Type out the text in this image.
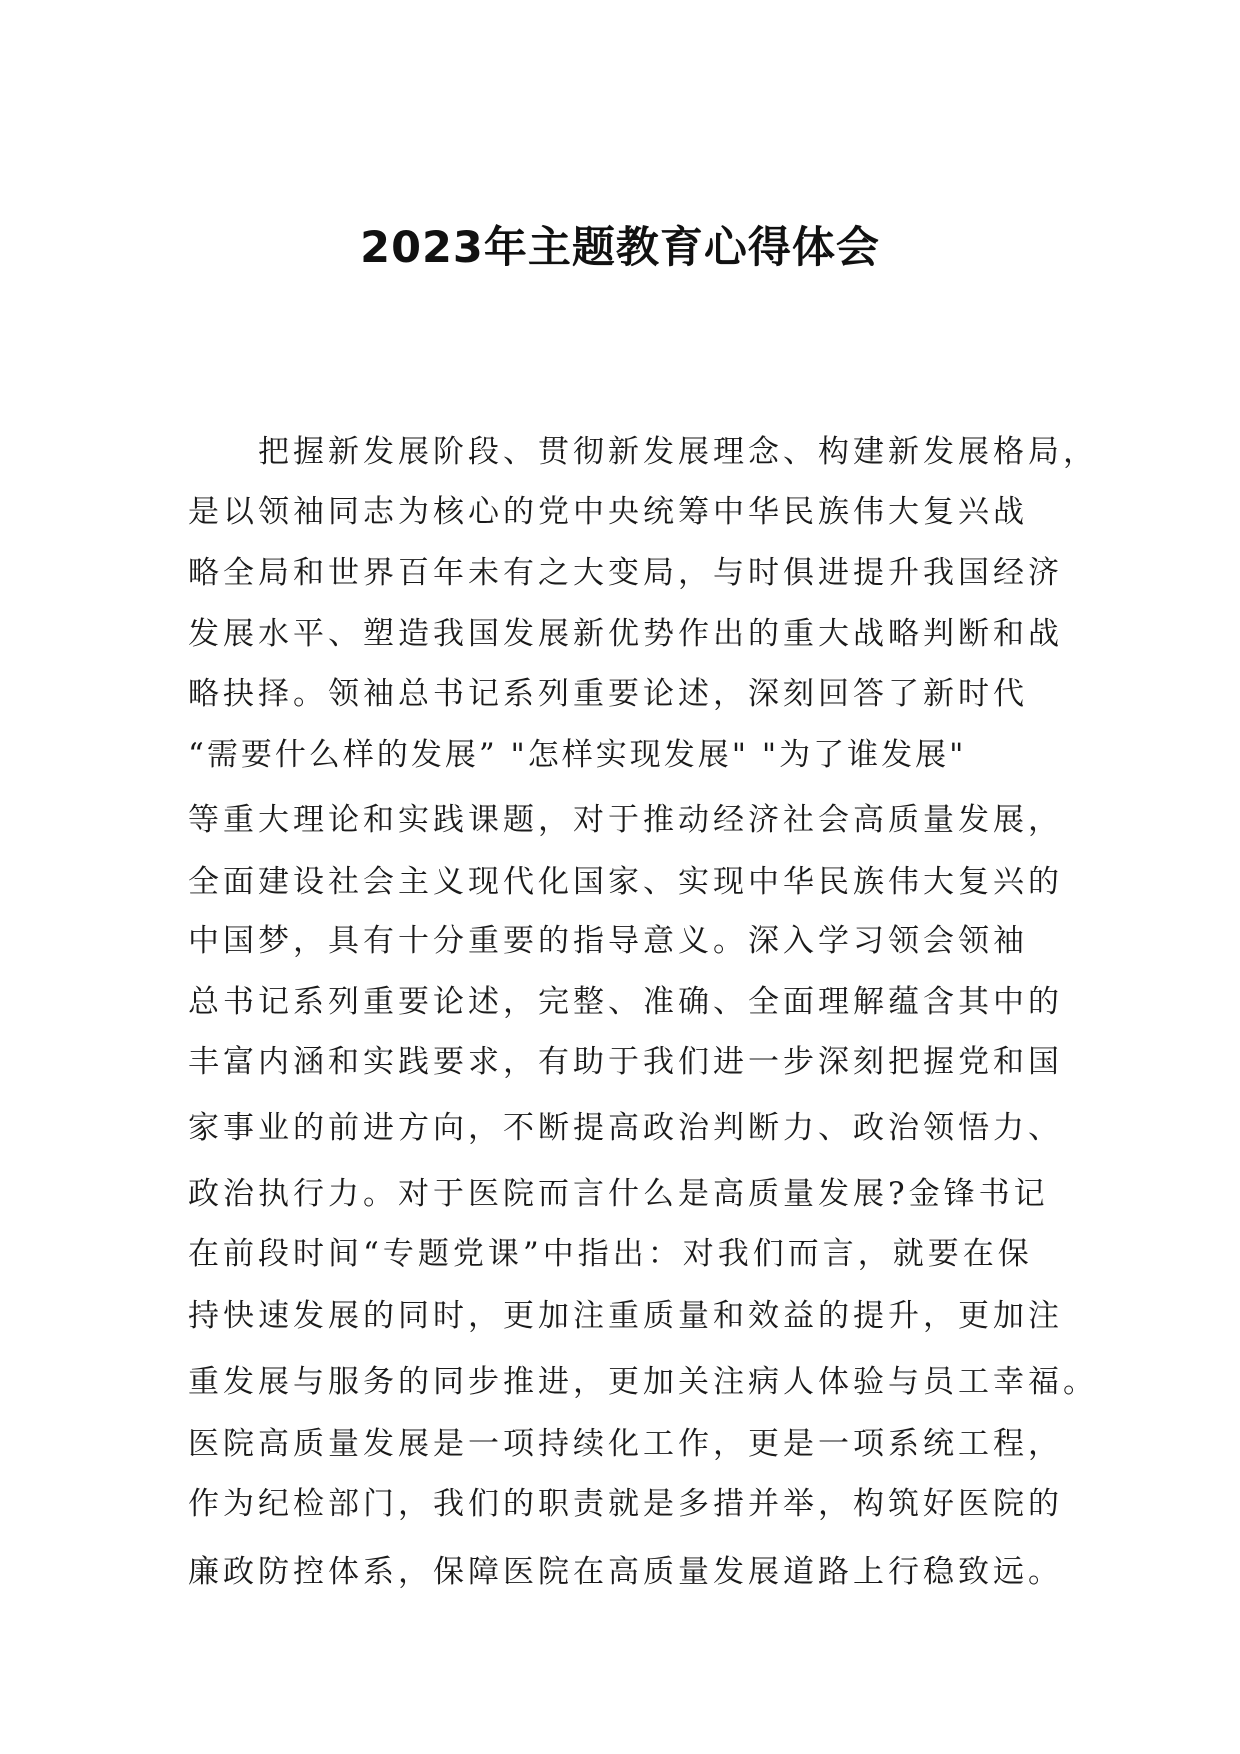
2023年主题教育心得体会
把握新发展阶段、贯彻新发展理念、构建新发展格局，
是以领袖同志为核心的党中央统筹中华民族伟大复兴战
略全局和世界百年未有之大变局，与时俱进提升我国经济
发展水平、塑造我国发展新优势作出的重大战略判断和战
略抉择。领袖总书记系列重要论述，深刻回答了新时代
“需要什么样的发展” "怎样实现发展" "为了谁发展"
等重大理论和实践课题，对于推动经济社会高质量发展，
全面建设社会主义现代化国家、实现中华民族伟大复兴的
中国梦，具有十分重要的指导意义。深入学习领会领袖
总书记系列重要论述，完整、准确、全面理解蕴含其中的
丰富内涵和实践要求，有助于我们进一步深刻把握党和国
家事业的前进方向，不断提高政治判断力、政治领悟力、
政治执行力。对于医院而言什么是高质量发展?金锋书记
在前段时间“专题党课”中指出：对我们而言，就要在保
持快速发展的同时，更加注重质量和效益的提升，更加注
重发展与服务的同步推进，更加关注病人体验与员工幸福。
医院高质量发展是一项持续化工作，更是一项系统工程，
作为纪检部门，我们的职责就是多措并举，构筑好医院的
廉政防控体系，保障医院在高质量发展道路上行稳致远。
